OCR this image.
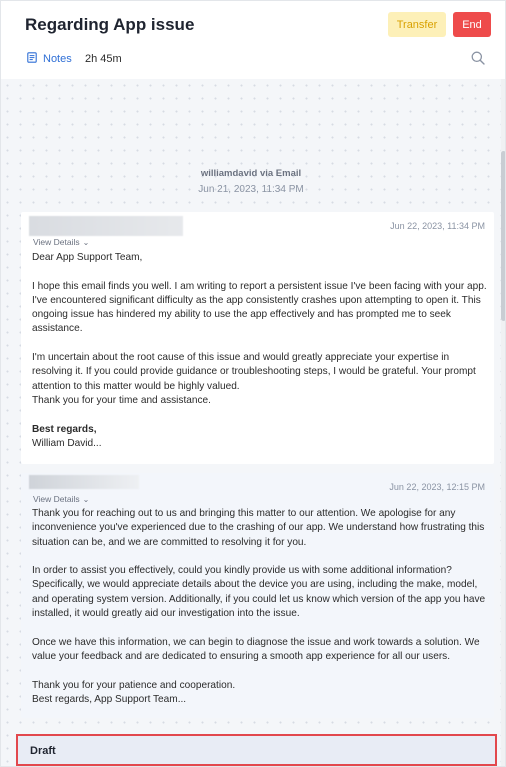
Regarding App issue	Transfer	End
Notes 2h 45m
williamdavid via Email
Jun 21, 2023, 11:34 PM
Jun 22, 2023, 11:34 PM
View Details ⌄

Dear App Support Team,

I hope this email finds you well. I am writing to report a persistent issue I've been facing with your app. I've encountered significant difficulty as the app consistently crashes upon attempting to open it. This ongoing issue has hindered my ability to use the app effectively and has prompted me to seek assistance.

I'm uncertain about the root cause of this issue and would greatly appreciate your expertise in resolving it. If you could provide guidance or troubleshooting steps, I would be grateful. Your prompt attention to this matter would be highly valued.

Thank you for your time and assistance.

Best regards,

William David...

Jun 22, 2023, 12:15 PM
View Details ⌄

Thank you for reaching out to us and bringing this matter to our attention. We apologise for any inconvenience you've experienced due to the crashing of our app. We understand how frustrating this situation can be, and we are committed to resolving it for you.

In order to assist you effectively, could you kindly provide us with some additional information? Specifically, we would appreciate details about the device you are using, including the make, model, and operating system version. Additionally, if you could let us know which version of the app you have installed, it would greatly aid our investigation into the issue.

Once we have this information, we can begin to diagnose the issue and work towards a solution. We value your feedback and are dedicated to ensuring a smooth app experience for all our users.

Thank you for your patience and cooperation.

Best regards, App Support Team...

Draft
